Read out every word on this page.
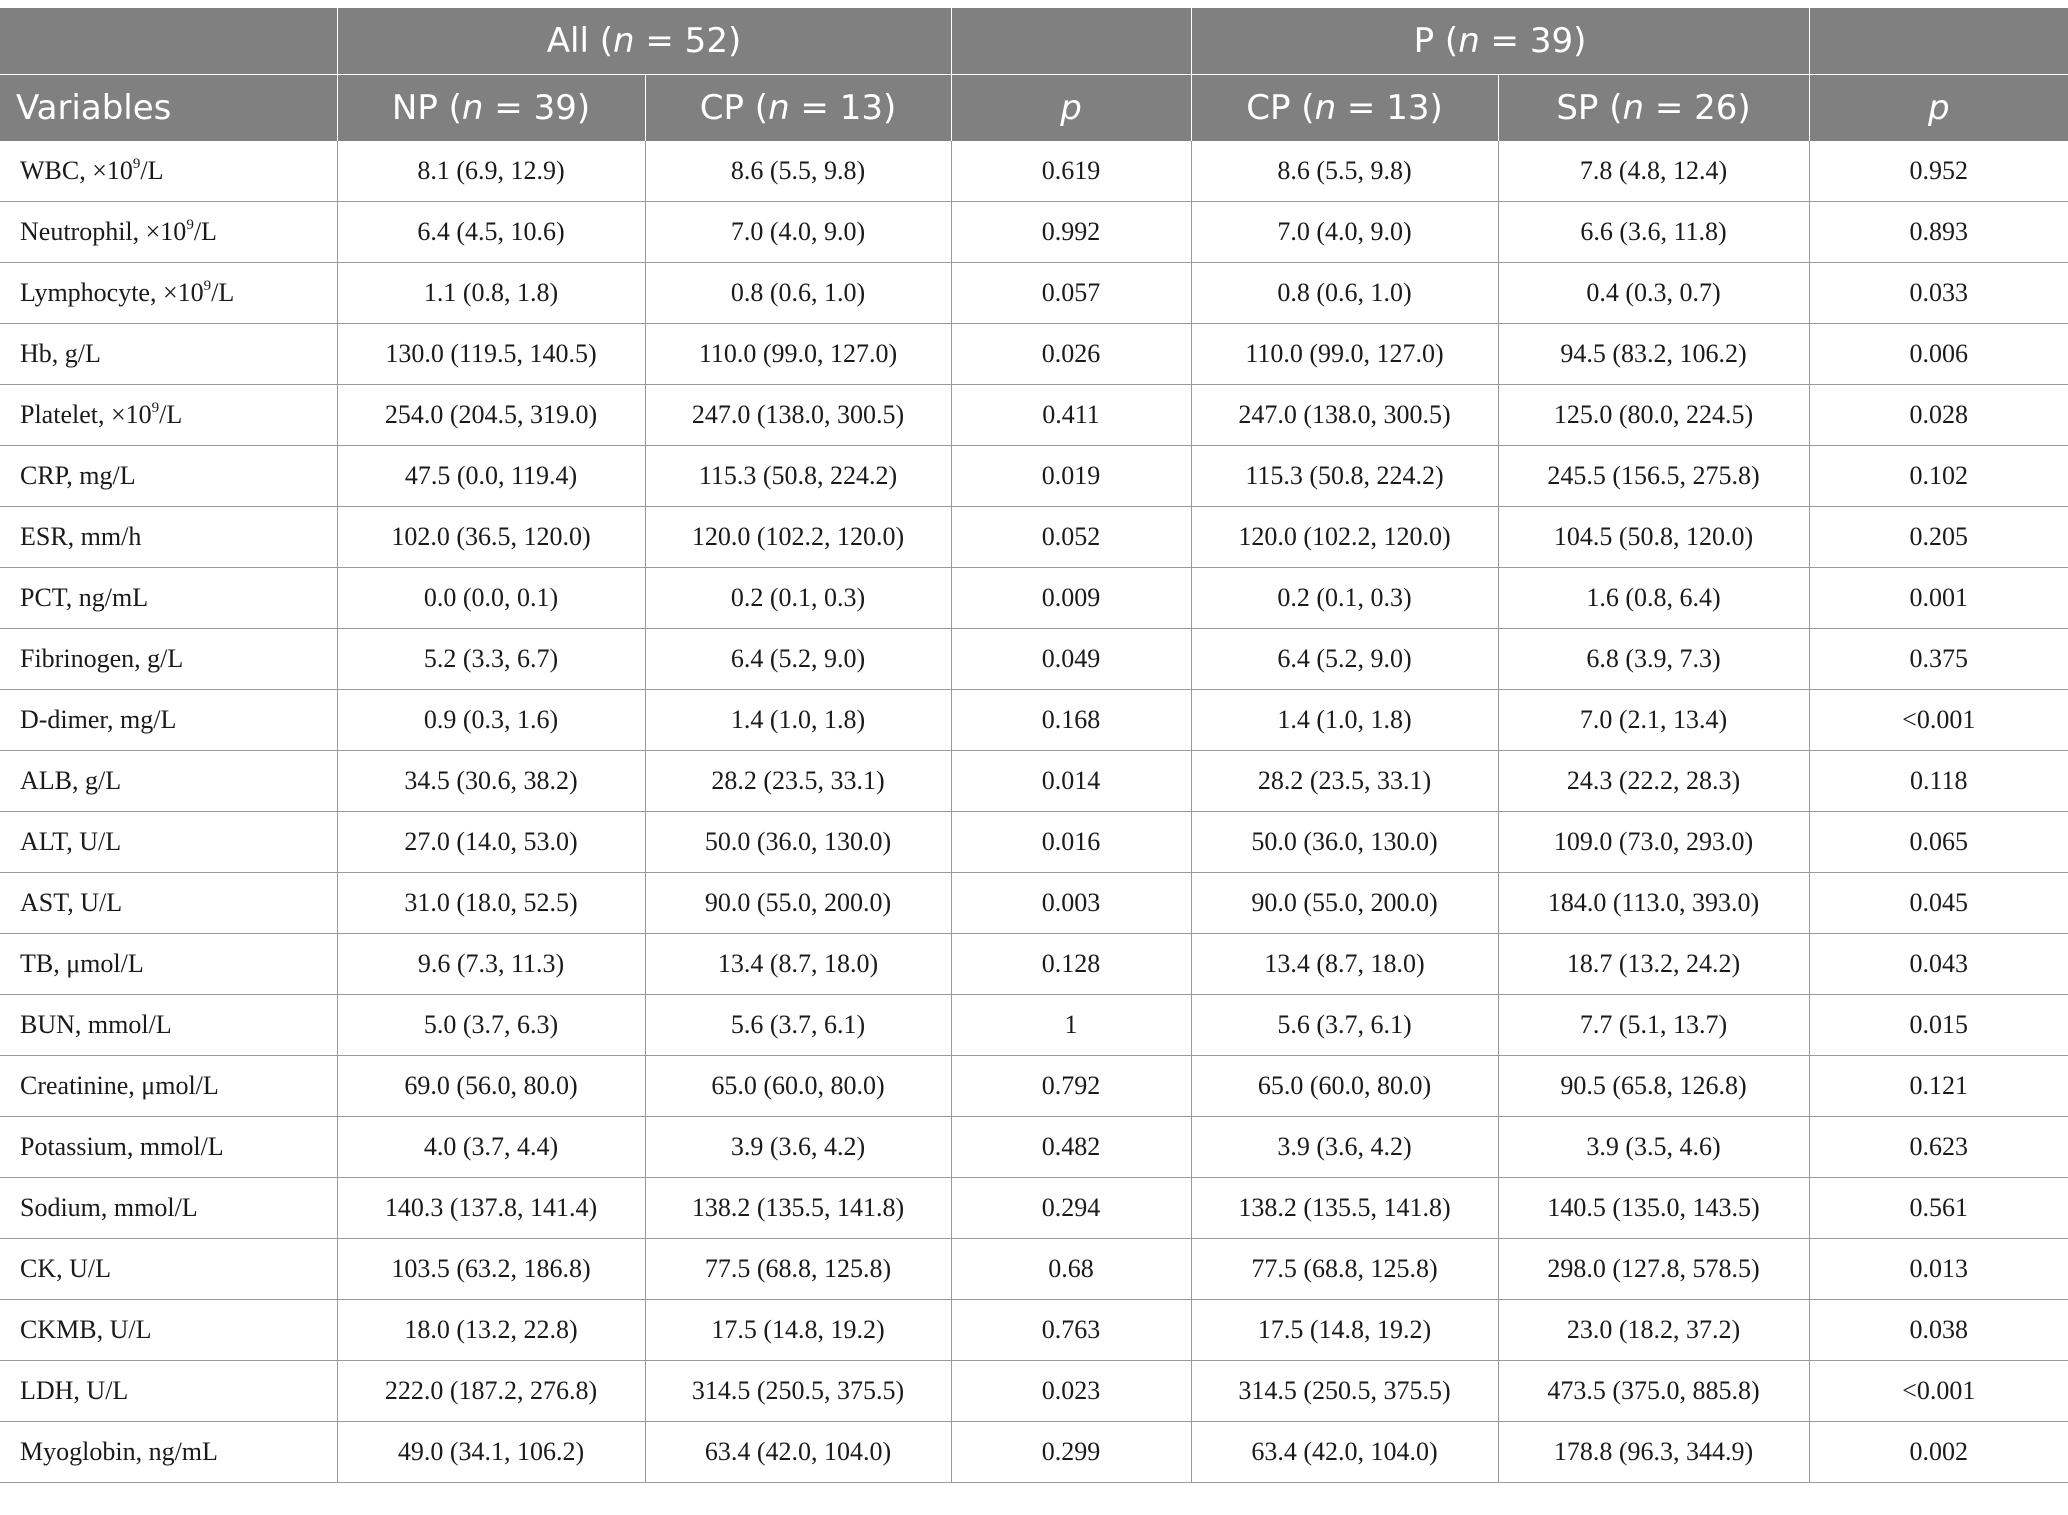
	All (n = 52)			P (n = 39)		
Variables	NP (n = 39)	CP (n = 13)	p	CP (n = 13)	SP (n = 26)	p
WBC, $\times 10^9/L$	8.1 (6.9, 12.9)	8.6 (5.5, 9.8)	0.619	8.6 (5.5, 9.8)	7.8 (4.8, 12.4)	0.952
Neutrophil, $\times 10^9/L$	6.4 (4.5, 10.6)	7.0 (4.0, 9.0)	0.992	7.0 (4.0, 9.0)	6.6 (3.6, 11.8)	0.893
Lymphocyte, $\times 10^9/L$	1.1 (0.8, 1.8)	0.8 (0.6, 1.0)	0.057	0.8 (0.6, 1.0)	0.4 (0.3, 0.7)	0.033
Hb, g/L	130.0 (119.5, 140.5)	110.0 (99.0, 127.0)	0.026	110.0 (99.0, 127.0)	94.5 (83.2, 106.2)	0.006
Platelet, $\times 10^9/L$	254.0 (204.5, 319.0)	247.0 (138.0, 300.5)	0.411	247.0 (138.0, 300.5)	125.0 (80.0, 224.5)	0.028
CRP, mg/L	47.5 (0.0, 119.4)	115.3 (50.8, 224.2)	0.019	115.3 (50.8, 224.2)	245.5 (156.5, 275.8)	0.102
ESR, mm/h	102.0 (36.5, 120.0)	120.0 (102.2, 120.0)	0.052	120.0 (102.2, 120.0)	104.5 (50.8, 120.0)	0.205
PCT, ng/mL	0.0 (0.0, 0.1)	0.2 (0.1, 0.3)	0.009	0.2 (0.1, 0.3)	1.6 (0.8, 6.4)	0.001
Fibrinogen, g/L	5.2 (3.3, 6.7)	6.4 (5.2, 9.0)	0.049	6.4 (5.2, 9.0)	6.8 (3.9, 7.3)	0.375
D-dimer, mg/L	0.9 (0.3, 1.6)	1.4 (1.0, 1.8)	0.168	1.4 (1.0, 1.8)	7.0 (2.1, 13.4)	<0.001
ALB, g/L	34.5 (30.6, 38.2)	28.2 (23.5, 33.1)	0.014	28.2 (23.5, 33.1)	24.3 (22.2, 28.3)	0.118
ALT, U/L	27.0 (14.0, 53.0)	50.0 (36.0, 130.0)	0.016	50.0 (36.0, 130.0)	109.0 (73.0, 293.0)	0.065
AST, U/L	31.0 (18.0, 52.5)	90.0 (55.0, 200.0)	0.003	90.0 (55.0, 200.0)	184.0 (113.0, 393.0)	0.045
TB, μmol/L	9.6 (7.3, 11.3)	13.4 (8.7, 18.0)	0.128	13.4 (8.7, 18.0)	18.7 (13.2, 24.2)	0.043
BUN, mmol/L	5.0 (3.7, 6.3)	5.6 (3.7, 6.1)	1	5.6 (3.7, 6.1)	7.7 (5.1, 13.7)	0.015
Creatinine, μmol/L	69.0 (56.0, 80.0)	65.0 (60.0, 80.0)	0.792	65.0 (60.0, 80.0)	90.5 (65.8, 126.8)	0.121
Potassium, mmol/L	4.0 (3.7, 4.4)	3.9 (3.6, 4.2)	0.482	3.9 (3.6, 4.2)	3.9 (3.5, 4.6)	0.623
Sodium, mmol/L	140.3 (137.8, 141.4)	138.2 (135.5, 141.8)	0.294	138.2 (135.5, 141.8)	140.5 (135.0, 143.5)	0.561
CK, U/L	103.5 (63.2, 186.8)	77.5 (68.8, 125.8)	0.68	77.5 (68.8, 125.8)	298.0 (127.8, 578.5)	0.013
CKMB, U/L	18.0 (13.2, 22.8)	17.5 (14.8, 19.2)	0.763	17.5 (14.8, 19.2)	23.0 (18.2, 37.2)	0.038
LDH, U/L	222.0 (187.2, 276.8)	314.5 (250.5, 375.5)	0.023	314.5 (250.5, 375.5)	473.5 (375.0, 885.8)	<0.001
Myoglobin, ng/mL	49.0 (34.1, 106.2)	63.4 (42.0, 104.0)	0.299	63.4 (42.0, 104.0)	178.8 (96.3, 344.9)	0.002
